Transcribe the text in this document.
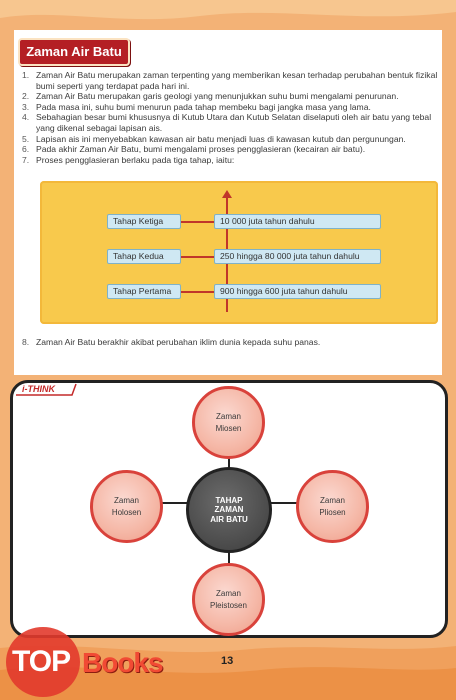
Zaman Air Batu
1. Zaman Air Batu merupakan zaman terpenting yang memberikan kesan terhadap perubahan bentuk fizikal bumi seperti yang terdapat pada hari ini.
2. Zaman Air Batu merupakan garis geologi yang menunjukkan suhu bumi mengalami penurunan.
3. Pada masa ini, suhu bumi menurun pada tahap membeku bagi jangka masa yang lama.
4. Sebahagian besar bumi khususnya di Kutub Utara dan Kutub Selatan diselaputi oleh air batu yang tebal yang dikenal sebagai lapisan ais.
5. Lapisan ais ini menyebabkan kawasan air batu menjadi luas di kawasan kutub dan pergunungan.
6. Pada akhir Zaman Air Batu, bumi mengalami proses pengglasieran (kecairan air batu).
7. Proses pengglasieran berlaku pada tiga tahap, iaitu:
Tahap Ketiga	10 000 juta tahun dahulu
Tahap Kedua	250 hingga 80 000 juta tahun dahulu
Tahap Pertama	900 hingga 600 juta tahun dahulu
8. Zaman Air Batu berakhir akibat perubahan iklim dunia kepada suhu panas.
i-THINK
Zaman
Miosen
Zaman
Holosen
Zaman
Pliosen
Zaman
Pleistosen
TAHAP
ZAMAN
AIR BATU
13
TOP Books
